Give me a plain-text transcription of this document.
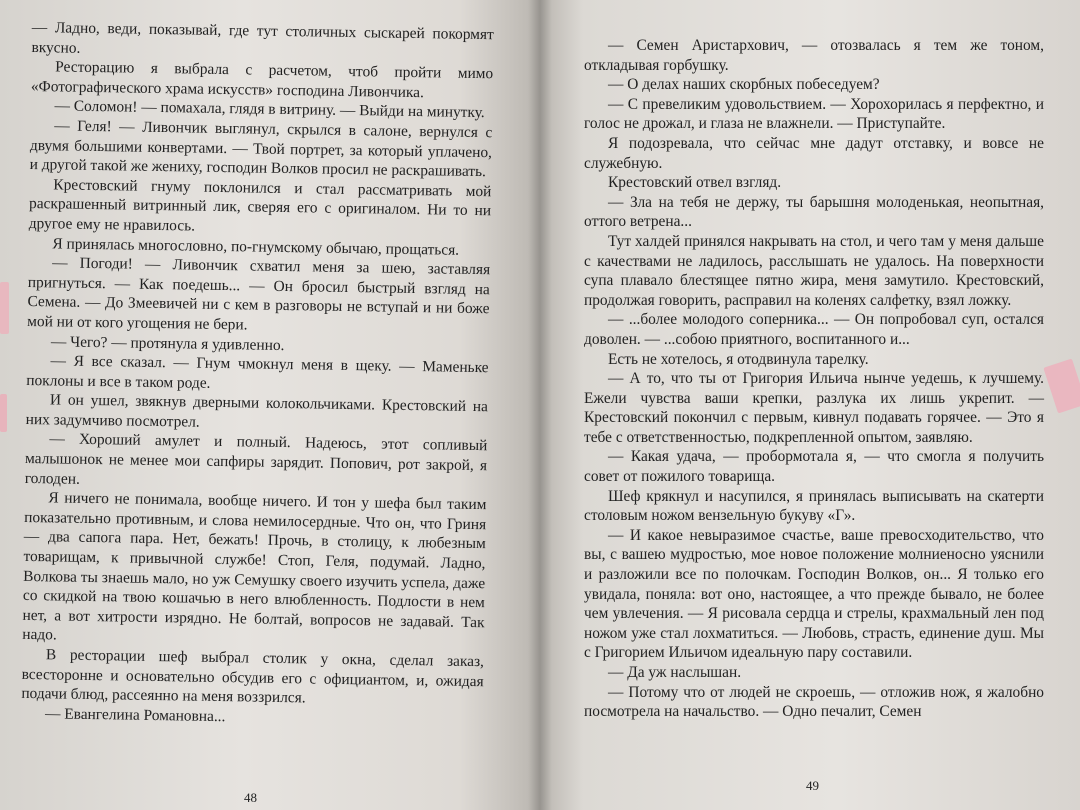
— Ладно, веди, показывай, где тут столичных сыскарей покормят вкусно.

Ресторацию я выбрала с расчетом, чтоб пройти мимо «Фотографического храма искусств» господина Ливончика.

— Соломон! — помахала, глядя в витрину. — Выйди на минутку.

— Геля! — Ливончик выглянул, скрылся в салоне, вернулся с двумя большими конвертами. — Твой портрет, за который уплачено, и другой такой же жениху, господин Волков просил не раскрашивать.

Крестовский гнуму поклонился и стал рассматривать мой раскрашенный витринный лик, сверяя его с оригиналом. Ни то ни другое ему не нравилось.

Я принялась многословно, по-гнумскому обычаю, прощаться.

— Погоди! — Ливончик схватил меня за шею, заставляя пригнуться. — Как поедешь... — Он бросил быстрый взгляд на Семена. — До Змеевичей ни с кем в разговоры не вступай и ни боже мой ни от кого угощения не бери.

— Чего? — протянула я удивленно.

— Я все сказал. — Гнум чмокнул меня в щеку. — Маменьке поклоны и все в таком роде.

И он ушел, звякнув дверными колокольчиками. Крестовский на них задумчиво посмотрел.

— Хороший амулет и полный. Надеюсь, этот сопливый малышонок не менее мои сапфиры зарядит. Попович, рот закрой, я голоден.

Я ничего не понимала, вообще ничего. И тон у шефа был таким показательно противным, и слова немилосердные. Что он, что Гриня — два сапога пара. Нет, бежать! Прочь, в столицу, к любезным товарищам, к привычной службе! Стоп, Геля, подумай. Ладно, Волкова ты знаешь мало, но уж Семушку своего изучить успела, даже со скидкой на твою кошачью в него влюбленность. Подлости в нем нет, а вот хитрости изрядно. Не болтай, вопросов не задавай. Так надо.

В ресторации шеф выбрал столик у окна, сделал заказ, всесторонне и основательно обсудив его с официантом, и, ожидая подачи блюд, рассеянно на меня воззрился.

— Евангелина Романовна...

48

— Семен Аристархович, — отозвалась я тем же тоном, откладывая горбушку.

— О делах наших скорбных побеседуем?

— С превеликим удовольствием. — Хорохорилась я перфектно, и голос не дрожал, и глаза не влажнели. — Приступайте.

Я подозревала, что сейчас мне дадут отставку, и вовсе не служебную.

Крестовский отвел взгляд.

— Зла на тебя не держу, ты барышня молоденькая, неопытная, оттого ветрена...

Тут халдей принялся накрывать на стол, и чего там у меня дальше с качествами не ладилось, расслышать не удалось. На поверхности супа плавало блестящее пятно жира, меня замутило. Крестовский, продолжая говорить, расправил на коленях салфетку, взял ложку.

— ...более молодого соперника... — Он попробовал суп, остался доволен. — ...собою приятного, воспитанного и...

Есть не хотелось, я отодвинула тарелку.

— А то, что ты от Григория Ильича нынче уедешь, к лучшему. Ежели чувства ваши крепки, разлука их лишь укрепит. — Крестовский покончил с первым, кивнул подавать горячее. — Это я тебе с ответственностью, подкрепленной опытом, заявляю.

— Какая удача, — пробормотала я, — что смогла я получить совет от пожилого товарища.

Шеф крякнул и насупился, я принялась выписывать на скатерти столовым ножом вензельную букуву «Г».

— И какое невыразимое счастье, ваше превосходительство, что вы, с вашею мудростью, мое новое положение молниеносно уяснили и разложили все по полочкам. Господин Волков, он... Я только его увидала, поняла: вот оно, настоящее, а что прежде бывало, не более чем увлечения. — Я рисовала сердца и стрелы, крахмальный лен под ножом уже стал лохматиться. — Любовь, страсть, единение душ. Мы с Григорием Ильичом идеальную пару составили.

— Да уж наслышан.

— Потому что от людей не скроешь, — отложив нож, я жалобно посмотрела на начальство. — Одно печалит, Семен

49
